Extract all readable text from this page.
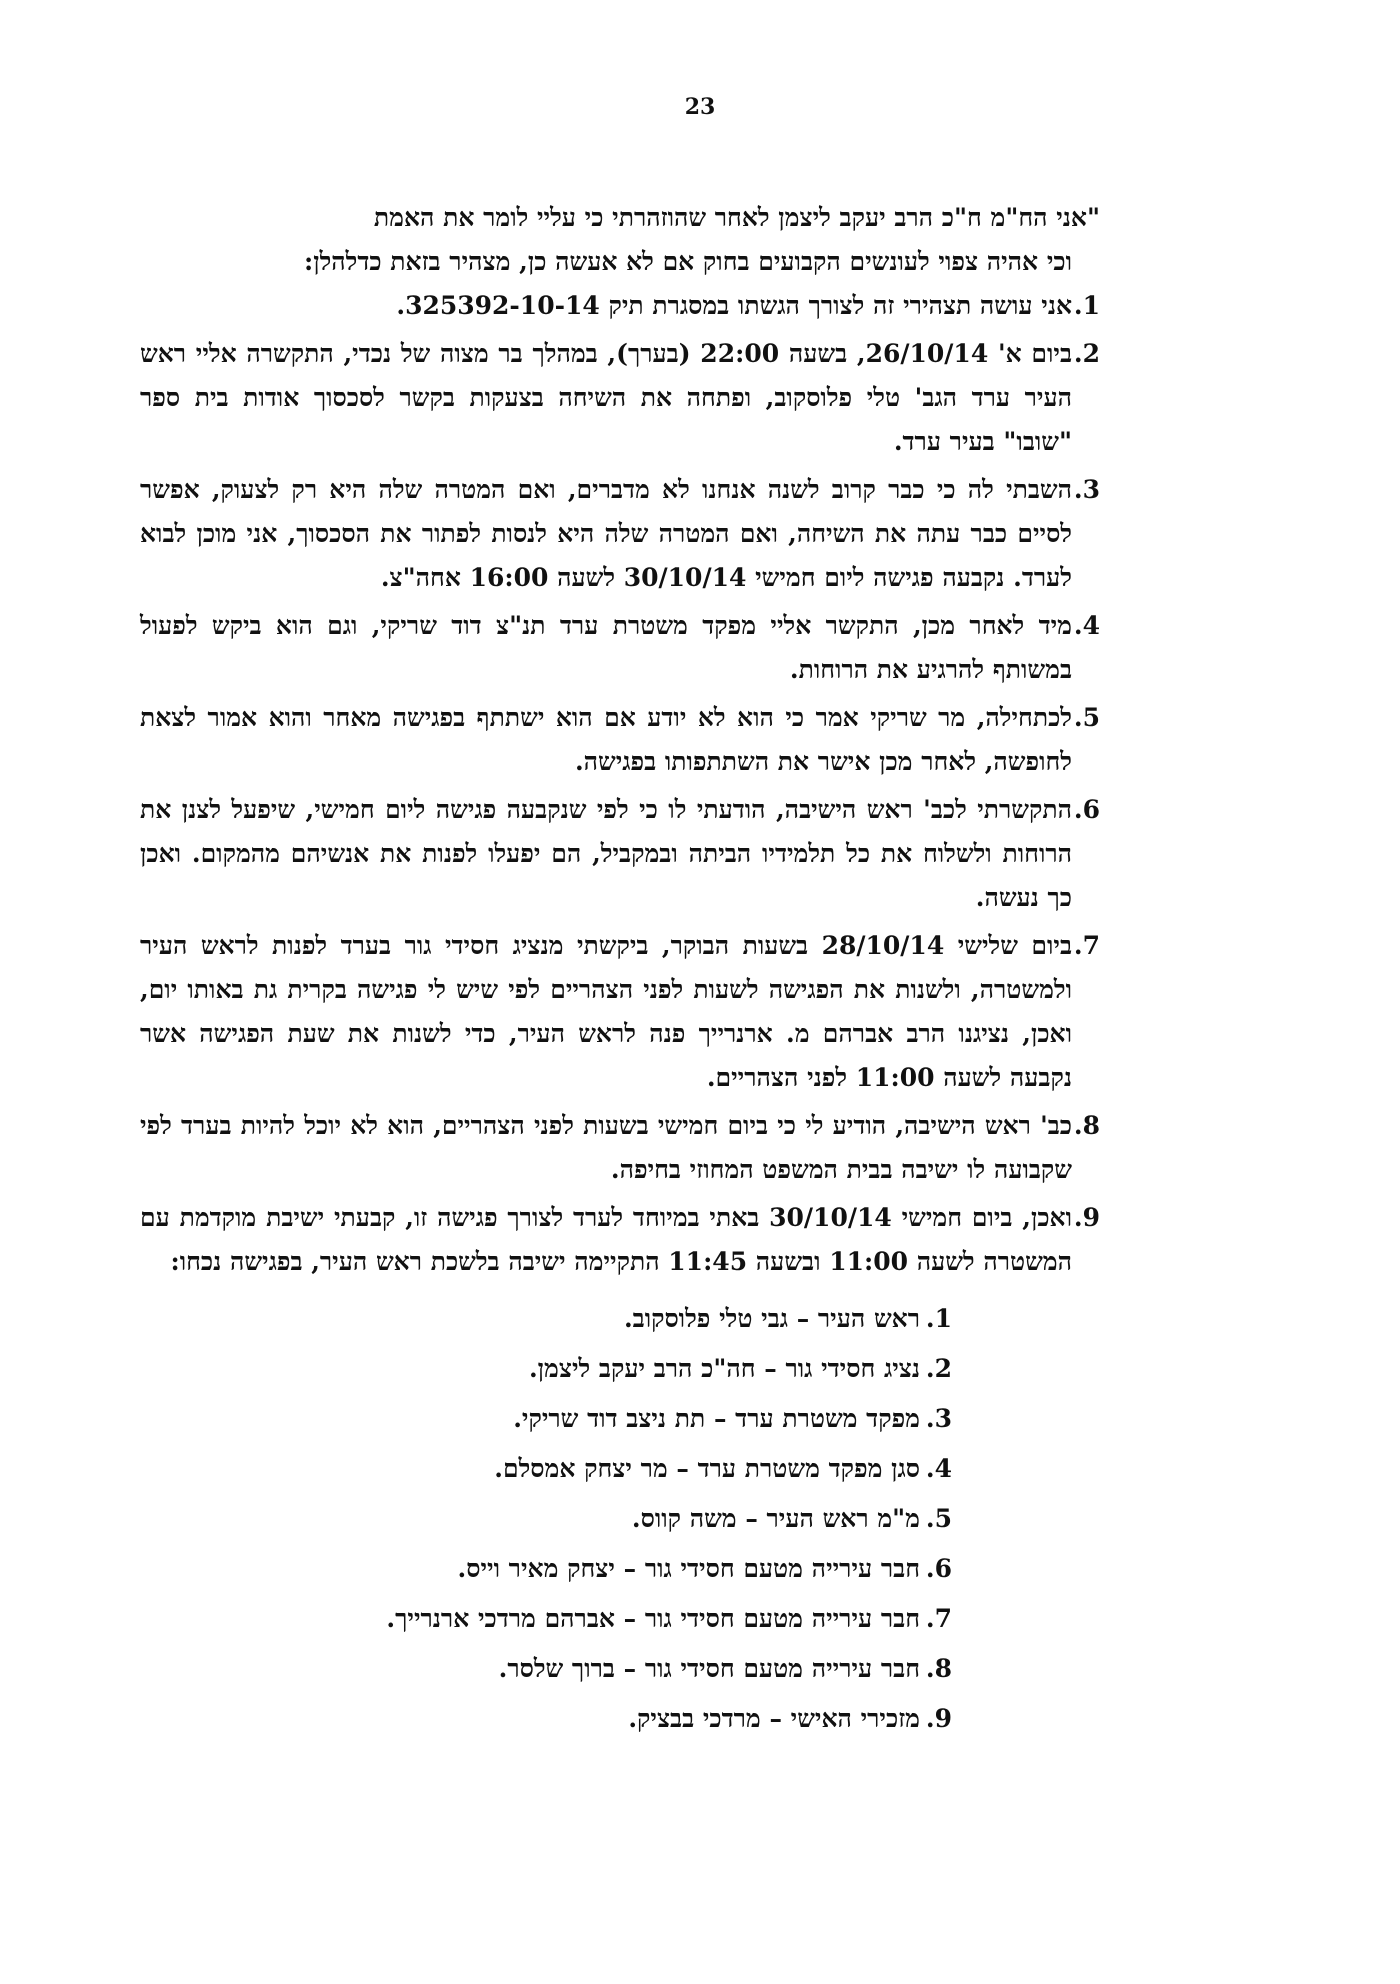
23
"אני הח"מ ח"כ הרב יעקב ליצמן לאחר שהוזהרתי כי עליי לומר את האמת
וכי אהיה צפוי לעונשים הקבועים בחוק אם לא אעשה כן, מצהיר בזאת כדלהלן:
1.
אני עושה תצהירי זה לצורך הגשתו במסגרת תיק 325392-10-14.
2.
ביום א' 26/10/14, בשעה 22:00 (בערך), במהלך בר מצוה של נכדי, התקשרה אליי ראש העיר ערד הגב' טלי פלוסקוב, ופתחה את השיחה בצעקות בקשר לסכסוך אודות בית ספר "שובו" בעיר ערד.
3.
השבתי לה כי כבר קרוב לשנה אנחנו לא מדברים, ואם המטרה שלה היא רק לצעוק, אפשר לסיים כבר עתה את השיחה, ואם המטרה שלה היא לנסות לפתור את הסכסוך, אני מוכן לבוא לערד. נקבעה פגישה ליום חמישי 30/10/14 לשעה 16:00 אחה"צ.
4.
מיד לאחר מכן, התקשר אליי מפקד משטרת ערד תנ"צ דוד שריקי, וגם הוא ביקש לפעול במשותף להרגיע את הרוחות.
5.
לכתחילה, מר שריקי אמר כי הוא לא יודע אם הוא ישתתף בפגישה מאחר והוא אמור לצאת לחופשה, לאחר מכן אישר את השתתפותו בפגישה.
6.
התקשרתי לכב' ראש הישיבה, הודעתי לו כי לפי שנקבעה פגישה ליום חמישי, שיפעל לצנן את הרוחות ולשלוח את כל תלמידיו הביתה ובמקביל, הם יפעלו לפנות את אנשיהם מהמקום. ואכן כך נעשה.
7.
ביום שלישי 28/10/14 בשעות הבוקר, ביקשתי מנציג חסידי גור בערד לפנות לראש העיר ולמשטרה, ולשנות את הפגישה לשעות לפני הצהריים לפי שיש לי פגישה בקרית גת באותו יום, ואכן, נציגנו הרב אברהם מ. ארנרייך פנה לראש העיר, כדי לשנות את שעת הפגישה אשר נקבעה לשעה 11:00 לפני הצהריים.
8.
כב' ראש הישיבה, הודיע לי כי ביום חמישי בשעות לפני הצהריים, הוא לא יוכל להיות בערד לפי שקבועה לו ישיבה בבית המשפט המחוזי בחיפה.
9.
ואכן, ביום חמישי 30/10/14 באתי במיוחד לערד לצורך פגישה זו, קבעתי ישיבת מוקדמת עם המשטרה לשעה 11:00 ובשעה 11:45 התקיימה ישיבה בלשכת ראש העיר, בפגישה נכחו:
1.
ראש העיר – גבי טלי פלוסקוב.
2.
נציג חסידי גור – חה"כ הרב יעקב ליצמן.
3.
מפקד משטרת ערד – תת ניצב דוד שריקי.
4.
סגן מפקד משטרת ערד – מר יצחק אמסלם.
5.
מ"מ ראש העיר – משה קווס.
6.
חבר עירייה מטעם חסידי גור – יצחק מאיר וייס.
7.
חבר עירייה מטעם חסידי גור – אברהם מרדכי ארנרייך.
8.
חבר עירייה מטעם חסידי גור – ברוך שלסר.
9.
מזכירי האישי – מרדכי בבציק.
